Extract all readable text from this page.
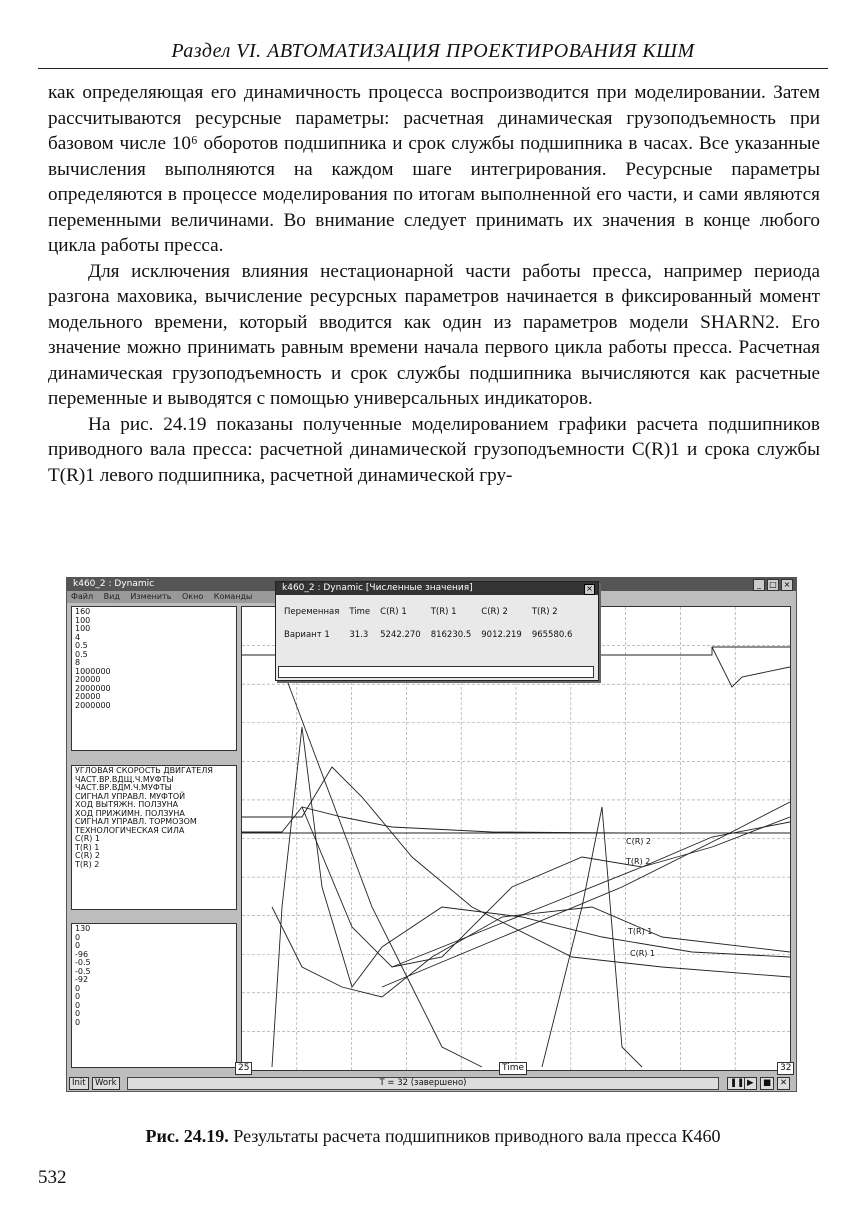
Раздел VI. АВТОМАТИЗАЦИЯ ПРОЕКТИРОВАНИЯ КШМ

как определяющая его динамичность процесса воспроизводится при моделировании. Затем рассчитываются ресурсные параметры: расчетная динамическая грузоподъемность при базовом числе 10⁶ оборотов подшипника и срок службы подшипника в часах. Все указанные вычисления выполняются на каждом шаге интегрирования. Ресурсные параметры определяются в процессе моделирования по итогам выполненной его части, и сами являются переменными величинами. Во внимание следует принимать их значения в конце любого цикла работы пресса.

Для исключения влияния нестационарной части работы пресса, например периода разгона маховика, вычисление ресурсных параметров начинается в фиксированный момент модельного времени, который вводится как один из параметров модели SHARN2. Его значение можно принимать равным времени начала первого цикла работы пресса. Расчетная динамическая грузоподъемность и срок службы подшипника вычисляются как расчетные переменные и выводятся с помощью универсальных индикаторов.

На рис. 24.19 показаны полученные моделированием графики расчета подшипников приводного вала пресса: расчетной динамической грузоподъемности C(R)1 и срока службы T(R)1 левого подшипника, расчетной динамической гру-

k460_2 : Dynamic	_	□ ×
Файл Вид Изменить Окно Команды
160
100
100
4
0.5
0.5
8
1000000
20000
2000000
20000
2000000
УГЛОВАЯ СКОРОСТЬ ДВИГАТЕЛЯ
ЧАСТ.ВР.ВДЩ.Ч.МУФТЫ
ЧАСТ.ВР.ВДМ.Ч.МУФТЫ
СИГНАЛ УПРАВЛ. МУФТОЙ
ХОД ВЫТЯЖН. ПОЛЗУНА
ХОД ПРИЖИМН. ПОЛЗУНА
СИГНАЛ УПРАВЛ. ТОРМОЗОМ
ТЕХНОЛОГИЧЕСКАЯ СИЛА
C(R) 1
T(R) 1
C(R) 2
T(R) 2
130
0
0
-96
-0.5
-0.5
-92
0
0
0
0
0
C(R) 2
T(R) 2
T(R) 1
C(R) 1
25	Time	32
Init	Work	T = 32 (завершено)	❚❚ ▶	■	✕
k460_2 : Dynamic [Численные значения]	×
Переменная	Time	C(R) 1	T(R) 1	C(R) 2	T(R) 2
Вариант 1	31.3	5242.270	816230.5	9012.219	965580.6
Рис. 24.19. Результаты расчета подшипников приводного вала пресса К460
532
